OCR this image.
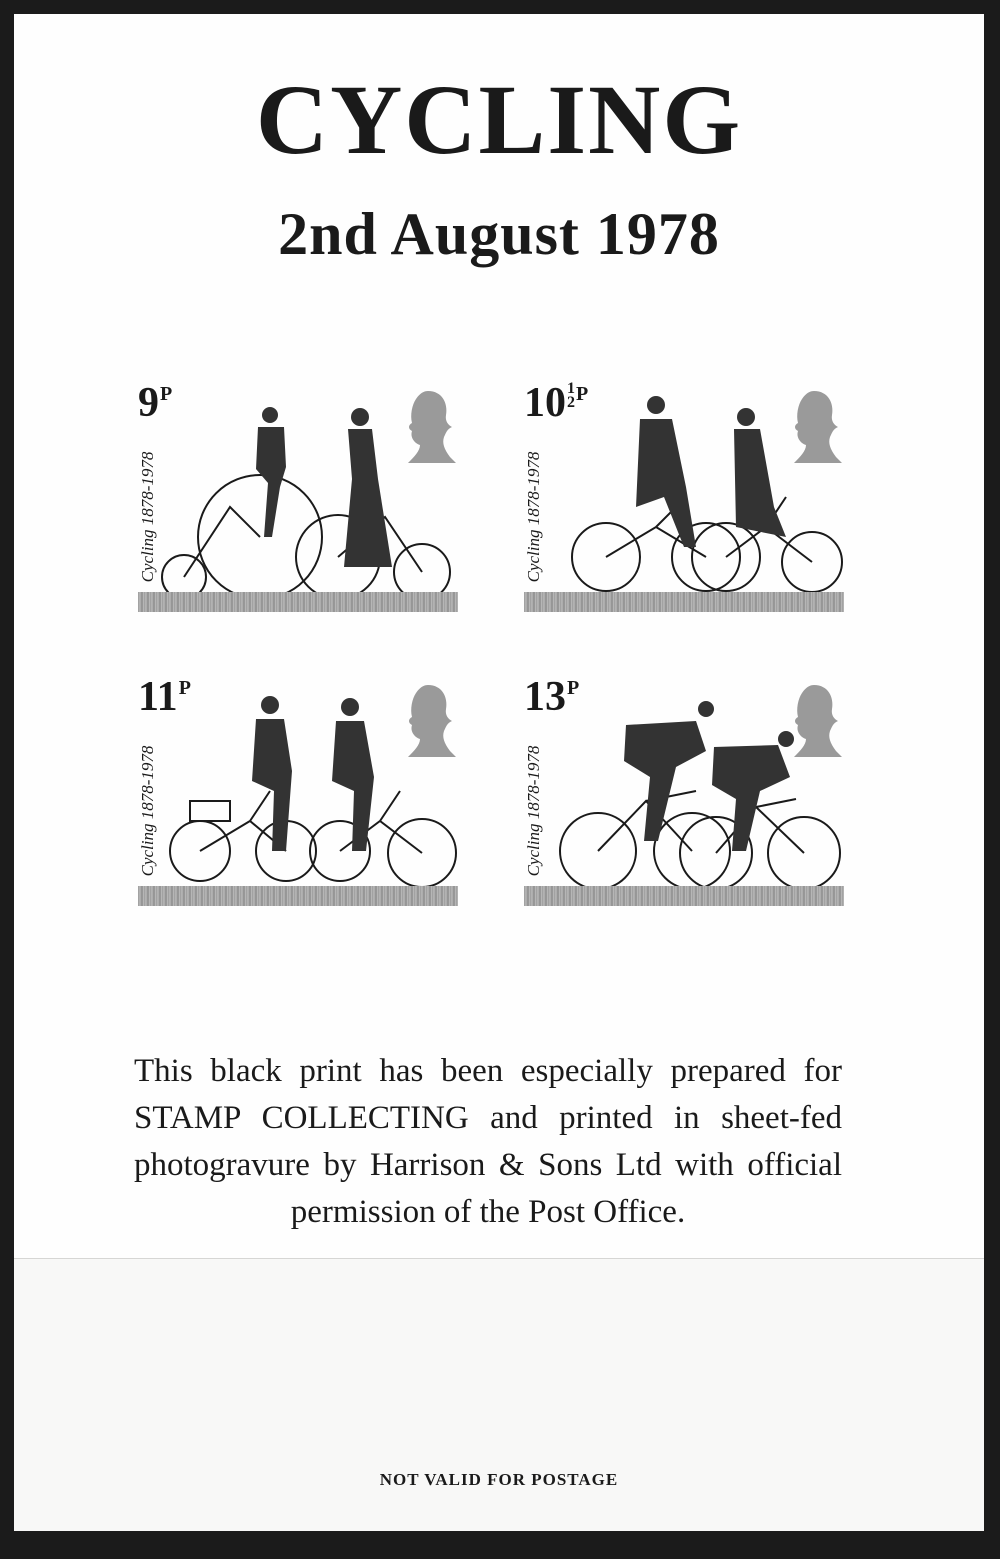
CYCLING
2nd August 1978
$9^P$
Cycling 1878-1978
10 1
2 $^P$
Cycling 1878-1978
$11^P$
Cycling 1878-1978
$13^P$
Cycling 1878-1978

This black print has been especially prepared for STAMP COLLECTING and printed in sheet-fed photogravure by Harrison & Sons Ltd with official permission of the Post Office.

NOT VALID FOR POSTAGE
